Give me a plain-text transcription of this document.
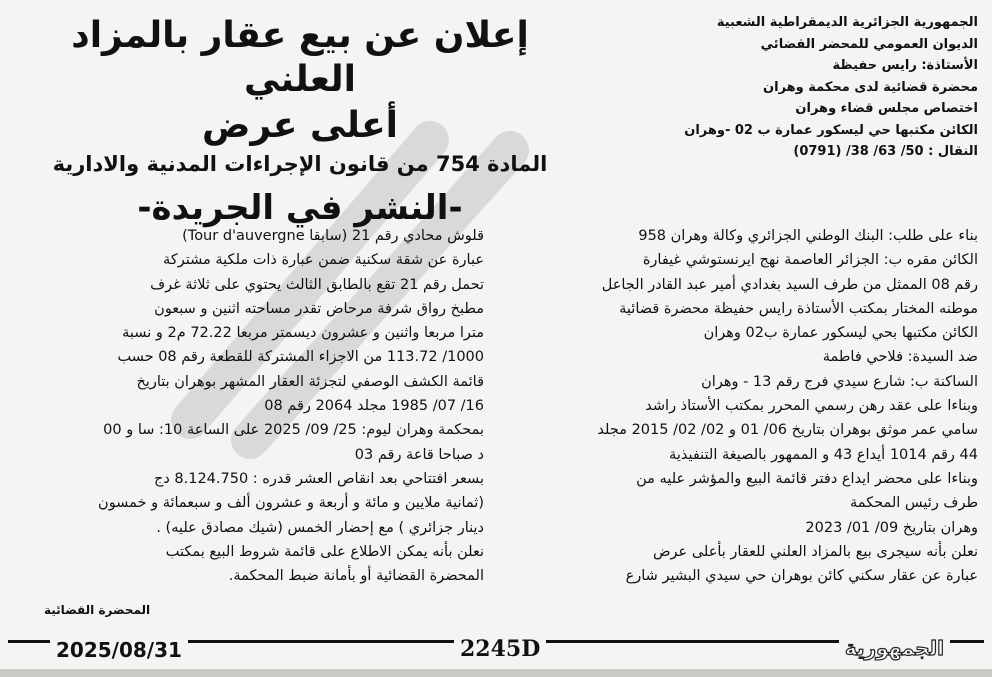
الجمهورية الجزائرية الديمقراطية الشعبية
الديوان العمومي للمحضر القضائي
الأستاذة: رايس حفيظة
محضرة قضائية لدى محكمة وهران
اختصاص مجلس قضاء وهران
الكائن مكتبها حي ليسكور عمارة ب 02 -وهران
النقال : 50/ 63/ 38/ (0791)
إعلان عن بيع عقار بالمزاد العلني
أعلى عرض
المادة 754 من قانون الإجراءات المدنية والادارية
-النشر في الجريدة-

بناء على طلب: البنك الوطني الجزائري وكالة وهران 958

الكائن مقره ب: الجزائر العاصمة نهج ايرنستوشي غيفارة

رقم 08 الممثل من طرف السيد بغدادي أمير عبد القادر الجاعل

موطنه المختار بمكتب الأستاذة رايس حفيظة محضرة قضائية

الكائن مكتبها بحي ليسكور عمارة ب02 وهران

ضد السيدة: فلاحي فاطمة

الساكنة ب: شارع سيدي فرج رقم 13 - وهران

وبناءا على عقد رهن رسمي المحرر بمكتب الأستاذ راشد

سامي عمر موثق بوهران بتاريخ 06/ 01 و 02/ 02/ 2015 مجلد

44 رقم 1014 أيداع 43 و الممهور بالصيغة التنفيذية

وبناءا على محضر ايداع دفتر قائمة البيع والمؤشر عليه من

طرف رئيس المحكمة

وهران بتاريخ 09/ 01/ 2023

نعلن بأنه سيجرى بيع بالمزاد العلني للعقار بأعلى عرض

عبارة عن عقار سكني كائن بوهران حي سيدي البشير شارع

قلوش محادي رقم 21 (سابقا Tour d'auvergne)

عبارة عن شقة سكنية ضمن عبارة ذات ملكية مشتركة

تحمل رقم 21 تقع بالطابق الثالث يحتوي على ثلاثة غرف

مطبخ رواق شرفة مرحاض تقدر مساحته اثنين و سبعون

مترا مربعا واثنين و عشرون ديسمتر مربعا 72.22 م2 و نسبة

1000/ 113.72 من الاجزاء المشتركة للقطعة رقم 08 حسب

قائمة الكشف الوصفي لتجزئة العقار المشهر بوهران بتاريخ

16/ 07/ 1985 مجلد 2064 رقم 08

بمحكمة وهران ليوم: 25/ 09/ 2025 على الساعة 10: سا و 00

د صباحا قاعة رقم 03

بسعر افتتاحي بعد انقاص العشر قدره : 8.124.750 دج

(ثمانية ملايين و مائة و أربعة و عشرون ألف و سبعمائة و خمسون

دينار جزائري ) مع إحضار الخمس (شيك مصادق عليه) .

نعلن بأنه يمكن الاطلاع على قائمة شروط البيع بمكتب

المحضرة القضائية أو بأمانة ضبط المحكمة.

المحضرة القضائية
2025/08/31	2245D	الجمهورية
